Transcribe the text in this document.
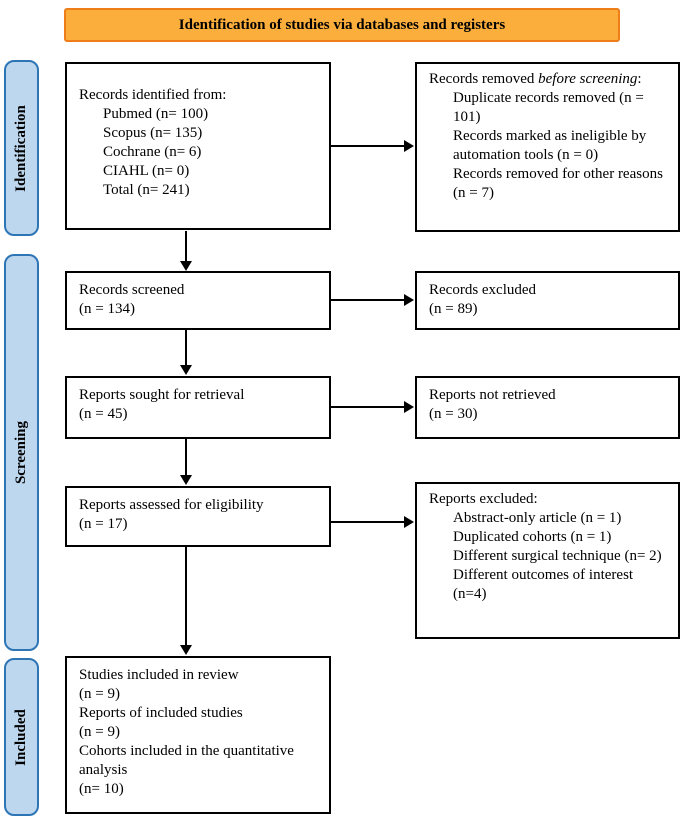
Identification of studies via databases and registers
Identification
Screening
Included
Records identified from:
Pubmed (n= 100)
Scopus (n= 135)
Cochrane (n= 6)
CIAHL (n= 0)
Total (n= 241)
Records removed before screening:
Duplicate records removed (n = 101)
Records marked as ineligible by automation tools (n = 0)
Records removed for other reasons (n = 7)
Records screened
(n = 134)
Records excluded
(n = 89)
Reports sought for retrieval
(n = 45)
Reports not retrieved
(n = 30)
Reports assessed for eligibility
(n = 17)
Reports excluded:
Abstract-only article (n = 1)
Duplicated cohorts (n = 1)
Different surgical technique (n= 2)
Different outcomes of interest (n=4)
Studies included in review
(n = 9)
Reports of included studies
(n = 9)
Cohorts included in the quantitative analysis
(n= 10)
